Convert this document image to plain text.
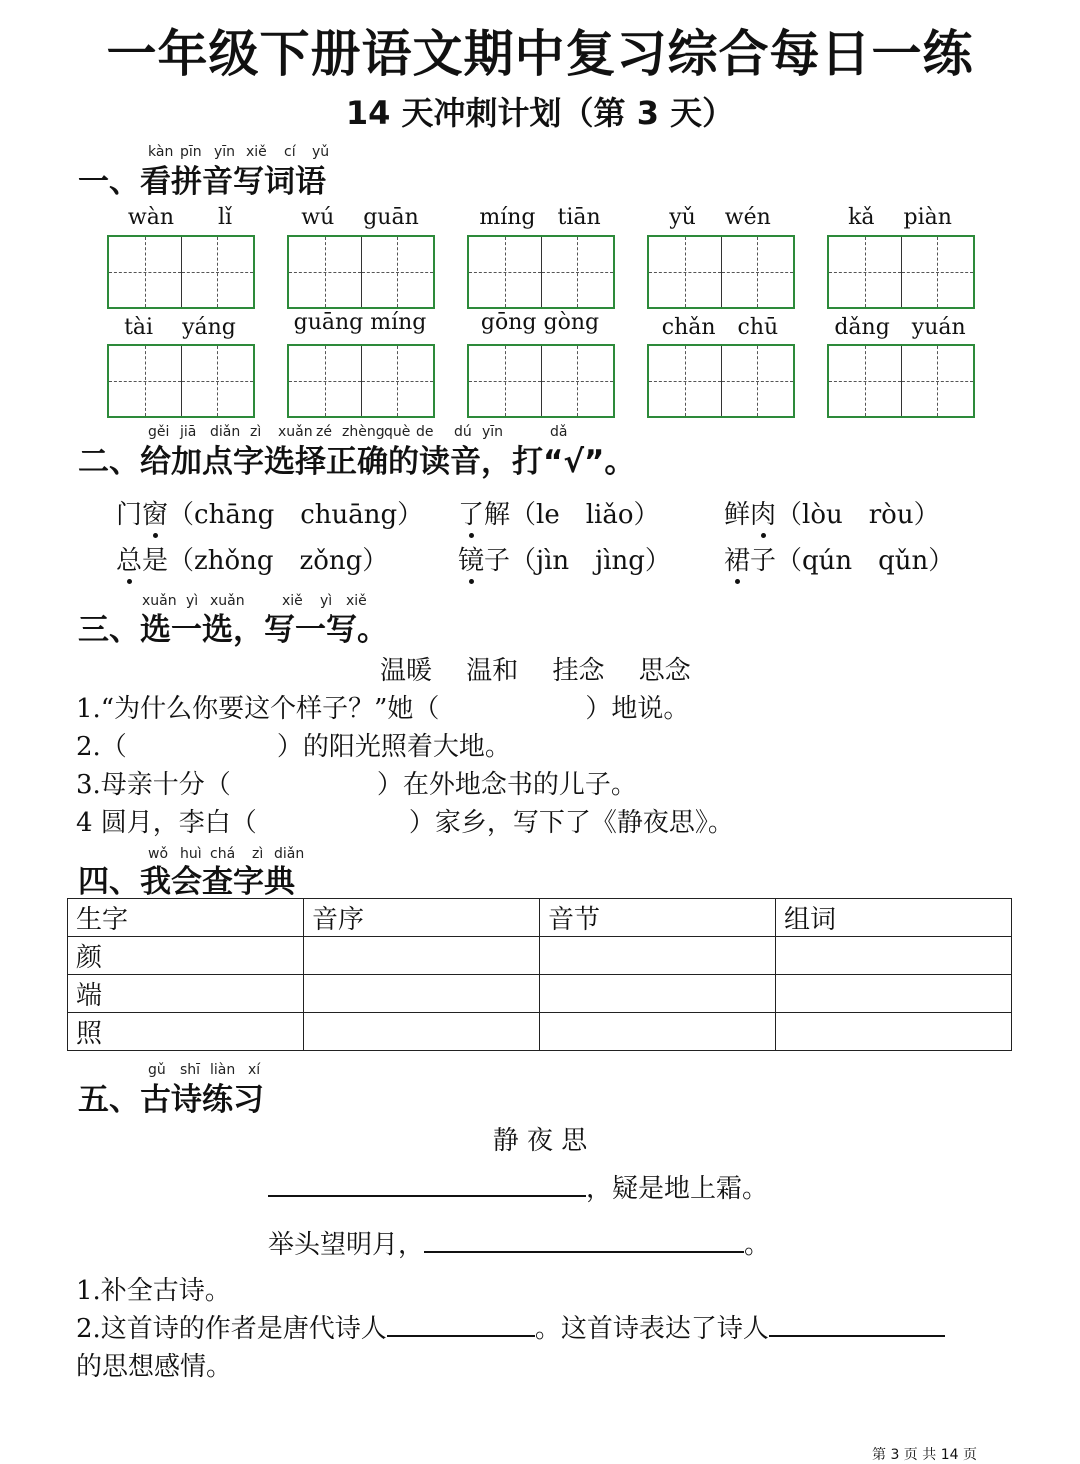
一年级下册语文期中复习综合每日一练
14 天冲刺计划（第 3 天）
kàn pīn yīn xiě cí yǔ
一、看拼音写词语
wàn　　lǐ	wú　 guān	míng　tiān	yǔ　 wén	kǎ　 piàn
tài　 yáng	guāng míng	gōng gòng	chǎn　chū	dǎng　yuán
gěi jiā diǎn zì xuǎn zé zhèng què de dú yīn	dǎ
二、给加点字选择正确的读音，打“√”。
门窗（chāng　chuāng） 了解（le　liǎo） 鲜肉（lòu　ròu）
总是（zhǒng　zǒng）	镜子（jìn　jìng） 裙子（qún　qǔn）
xuǎn yì xuǎn	xiě yì xiě
三、选一选，写一写。
温暖　 温和　 挂念　 思念
1.“为什么你要这个样子？”她（	）地说。
2.（	）的阳光照着大地。
3.母亲十分（	）在外地念书的儿子。
4 圆月，李白（	）家乡，写下了《静夜思》。
wǒ huì chá zì diǎn
四、我会查字典
生字	音序	音节	组词
颜			
端			
照			
gǔ shī liàn xí
五、古诗练习
静 夜 思
，疑是地上霜。
举头望明月，	。
1.补全古诗。
2.这首诗的作者是唐代诗人	。这首诗表达了诗人
的思想感情。
第 3 页 共 14 页
